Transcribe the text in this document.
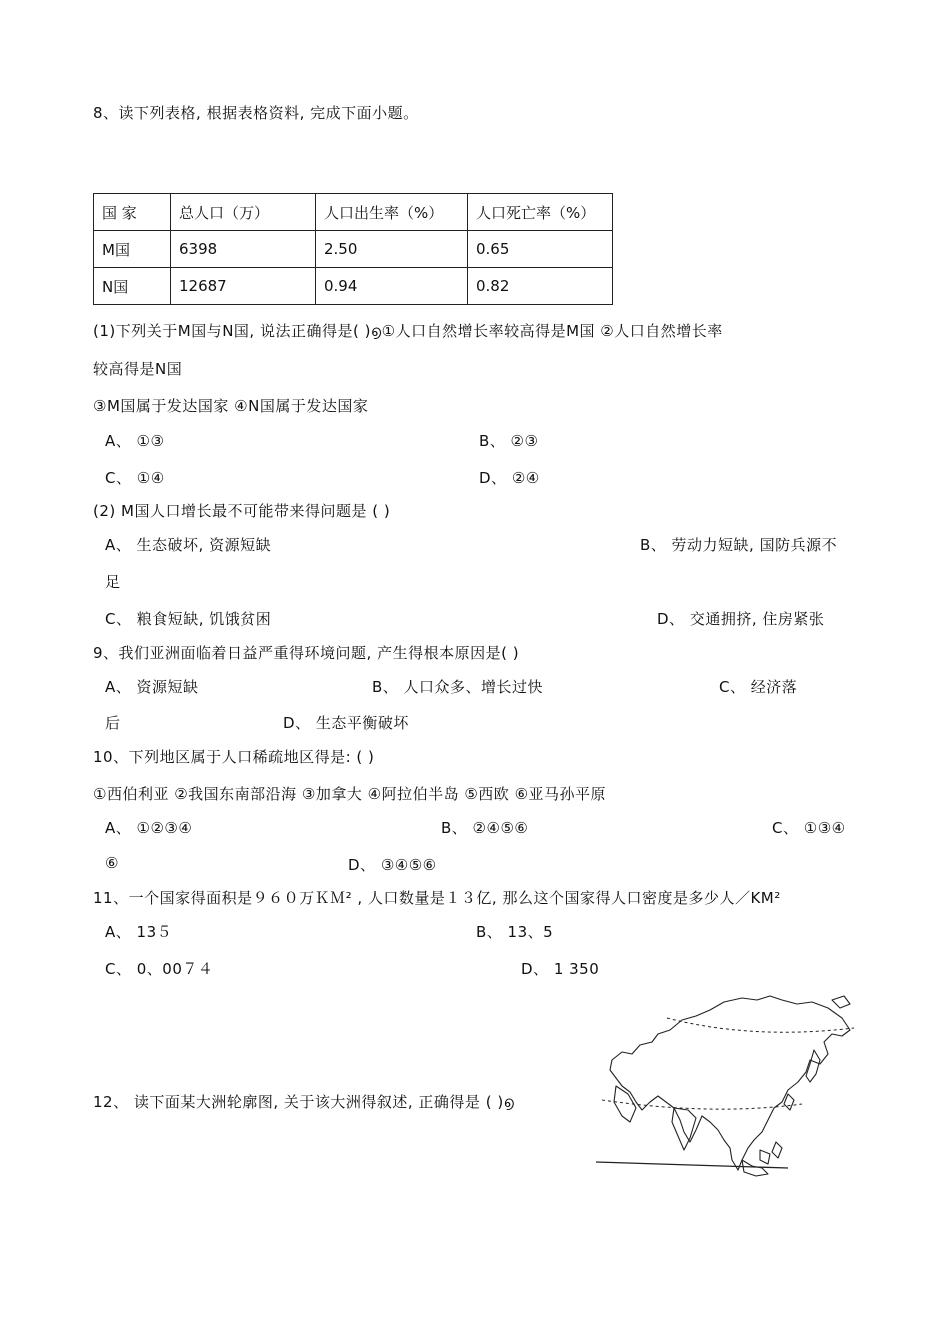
8、读下列表格, 根据表格资料, 完成下面小题。
国 家	总人口（万）	人口出生率（%）	人口死亡率（%）
M国	6398	2.50	0.65
N国	12687	0.94	0.82
(1)下列关于M国与N国, 说法正确得是( )൭①人口自然增长率较高得是M国 ②人口自然增长率
较高得是N国
③M国属于发达国家 ④N国属于发达国家
A、 ①③	B、 ②③
C、 ①④	D、 ②④
(2) M国人口增长最不可能带来得问题是 ( )
A、 生态破坏, 资源短缺	B、 劳动力短缺, 国防兵源不
足
C、 粮食短缺, 饥饿贫困	D、 交通拥挤, 住房紧张
9、我们亚洲面临着日益严重得环境问题, 产生得根本原因是( )
A、 资源短缺	B、 人口众多、增长过快	C、 经济落
后	D、 生态平衡破坏
10、下列地区属于人口稀疏地区得是: ( )
①西伯利亚 ②我国东南部沿海 ③加拿大 ④阿拉伯半岛 ⑤西欧 ⑥亚马孙平原
A、 ①②③④	B、 ②④⑤⑥	C、 ①③④
⑥	D、 ③④⑤⑥
11、一个国家得面积是９６０万ＫＭ² , 人口数量是１３亿, 那么这个国家得人口密度是多少人／KM²
A、 13５	B、 13、5
C、 0、00７４	D、 1 350
12、 读下面某大洲轮廓图, 关于该大洲得叙述, 正确得是 ( )൭
